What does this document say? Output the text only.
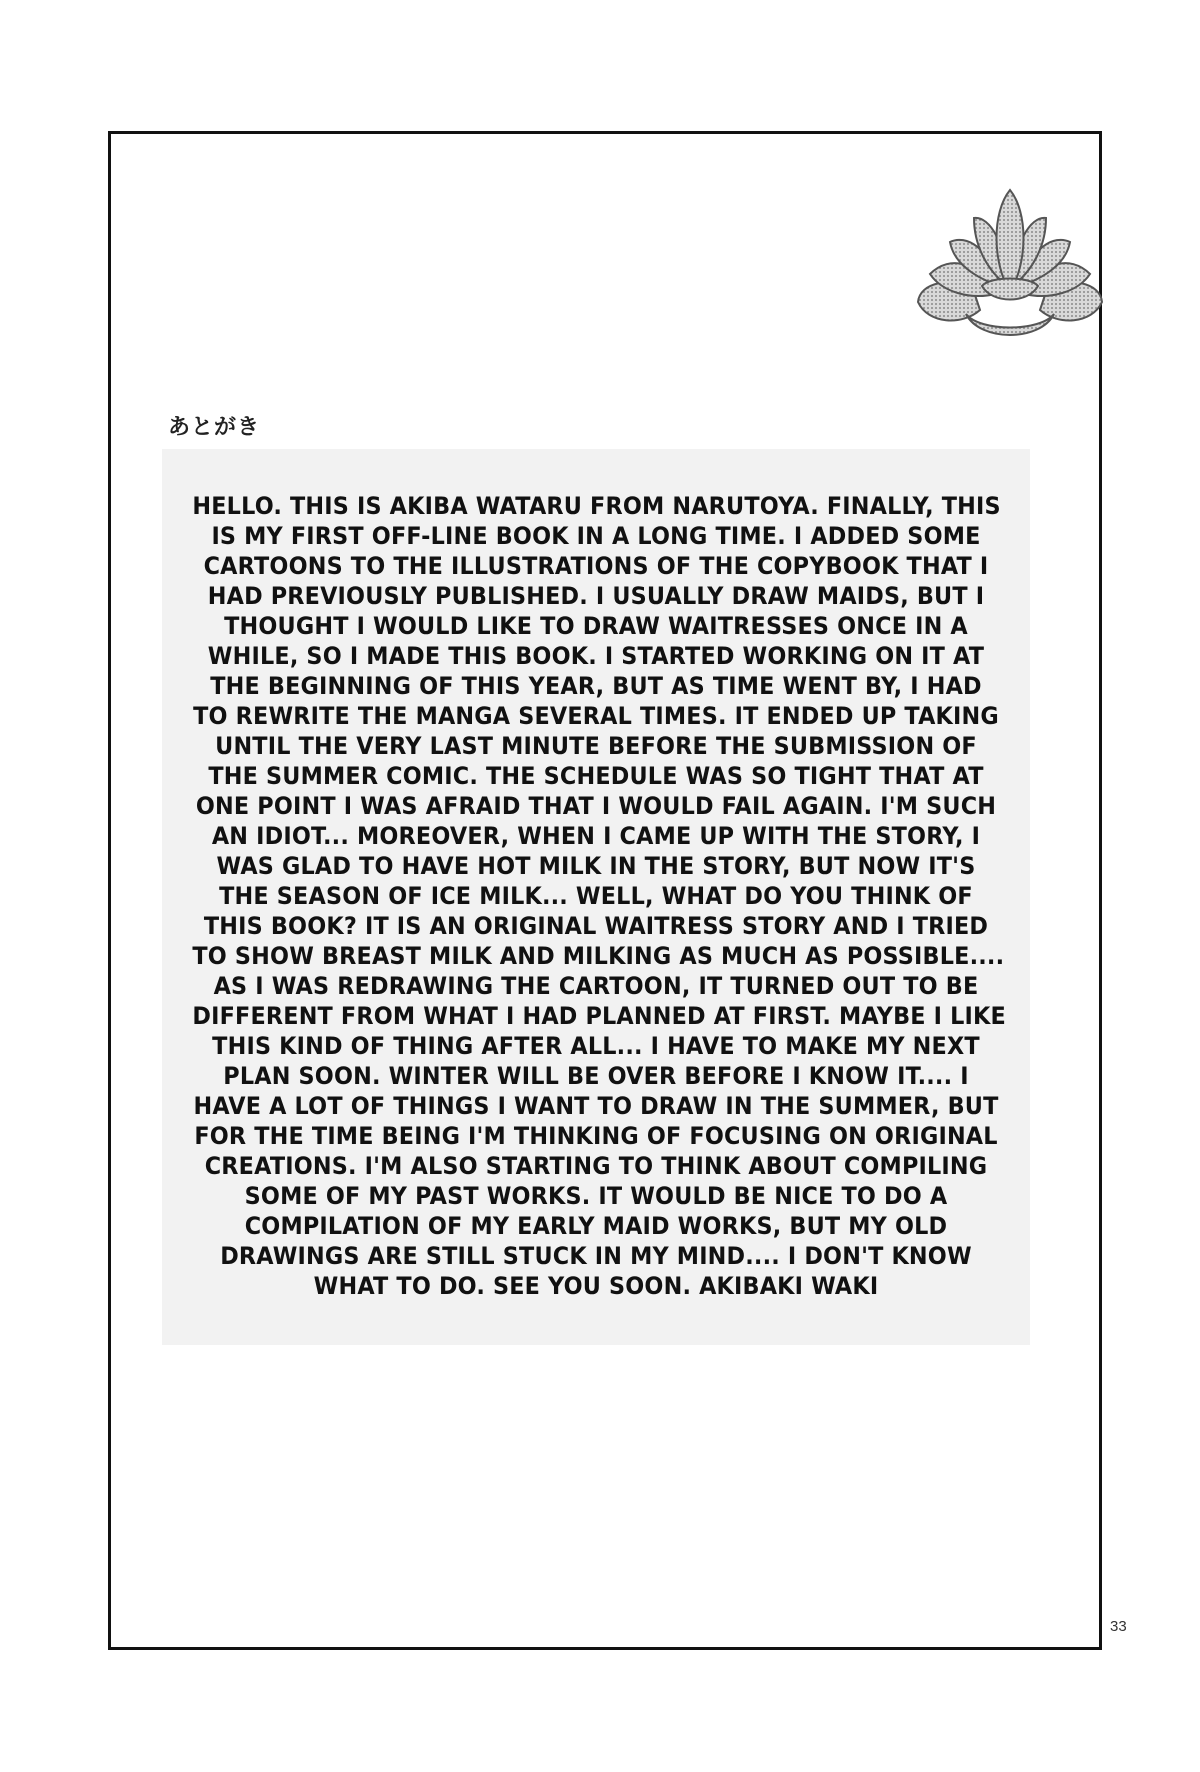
あとがき
HELLO. THIS IS AKIBA WATARU FROM NARUTOYA. FINALLY, THIS
IS MY FIRST OFF-LINE BOOK IN A LONG TIME. I ADDED SOME
CARTOONS TO THE ILLUSTRATIONS OF THE COPYBOOK THAT I
HAD PREVIOUSLY PUBLISHED. I USUALLY DRAW MAIDS, BUT I
THOUGHT I WOULD LIKE TO DRAW WAITRESSES ONCE IN A
WHILE, SO I MADE THIS BOOK. I STARTED WORKING ON IT AT
THE BEGINNING OF THIS YEAR, BUT AS TIME WENT BY, I HAD
TO REWRITE THE MANGA SEVERAL TIMES. IT ENDED UP TAKING
UNTIL THE VERY LAST MINUTE BEFORE THE SUBMISSION OF
THE SUMMER COMIC. THE SCHEDULE WAS SO TIGHT THAT AT
ONE POINT I WAS AFRAID THAT I WOULD FAIL AGAIN. I'M SUCH
AN IDIOT... MOREOVER, WHEN I CAME UP WITH THE STORY, I
WAS GLAD TO HAVE HOT MILK IN THE STORY, BUT NOW IT'S
THE SEASON OF ICE MILK... WELL, WHAT DO YOU THINK OF
THIS BOOK? IT IS AN ORIGINAL WAITRESS STORY AND I TRIED
TO SHOW BREAST MILK AND MILKING AS MUCH AS POSSIBLE....
AS I WAS REDRAWING THE CARTOON, IT TURNED OUT TO BE
DIFFERENT FROM WHAT I HAD PLANNED AT FIRST. MAYBE I LIKE
THIS KIND OF THING AFTER ALL... I HAVE TO MAKE MY NEXT
PLAN SOON. WINTER WILL BE OVER BEFORE I KNOW IT.... I
HAVE A LOT OF THINGS I WANT TO DRAW IN THE SUMMER, BUT
FOR THE TIME BEING I'M THINKING OF FOCUSING ON ORIGINAL
CREATIONS. I'M ALSO STARTING TO THINK ABOUT COMPILING
SOME OF MY PAST WORKS. IT WOULD BE NICE TO DO A
COMPILATION OF MY EARLY MAID WORKS, BUT MY OLD
DRAWINGS ARE STILL STUCK IN MY MIND.... I DON'T KNOW
WHAT TO DO. SEE YOU SOON. AKIBAKI WAKI
33
